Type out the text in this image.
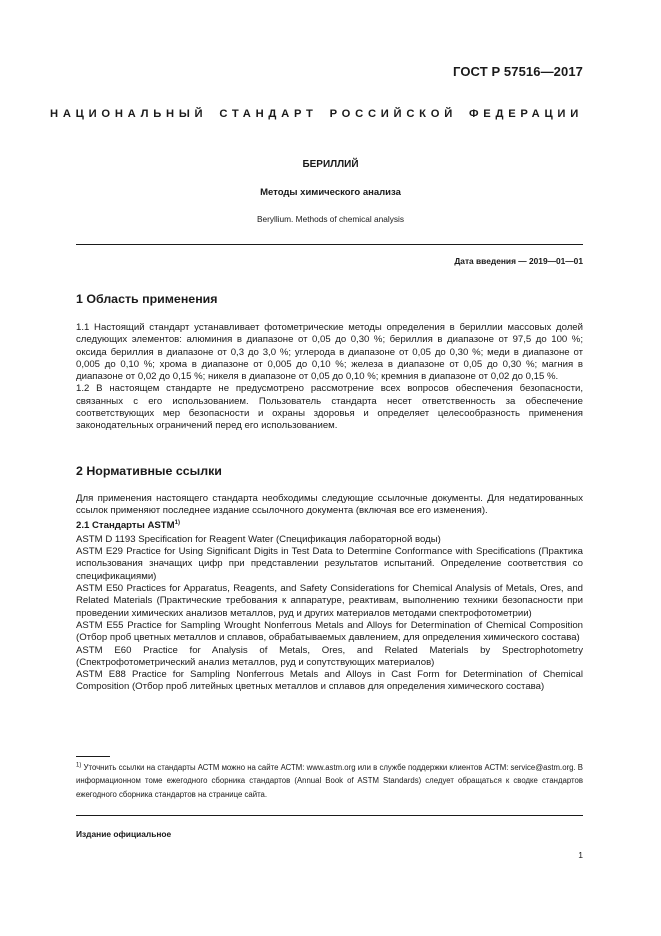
ГОСТ Р 57516—2017
НАЦИОНАЛЬНЫЙ СТАНДАРТ РОССИЙСКОЙ ФЕДЕРАЦИИ
БЕРИЛЛИЙ
Методы химического анализа
Beryllium. Methods of chemical analysis
Дата введения — 2019—01—01
1 Область применения

1.1 Настоящий стандарт устанавливает фотометрические методы определения в бериллии массовых долей следующих элементов: алюминия в диапазоне от 0,05 до 0,30 %; бериллия в диапазоне от 97,5 до 100 %; оксида бериллия в диапазоне от 0,3 до 3,0 %; углерода в диапазоне от 0,05 до 0,30 %; меди в диапазоне от 0,005 до 0,10 %; хрома в диапазоне от 0,005 до 0,10 %; железа в диапазоне от 0,05 до 0,30 %; магния в диапазоне от 0,02 до 0,15 %; никеля в диапазоне от 0,05 до 0,10 %; кремния в диапазоне от 0,02 до 0,15 %.

1.2 В настоящем стандарте не предусмотрено рассмотрение всех вопросов обеспечения безопасности, связанных с его использованием. Пользователь стандарта несет ответственность за обеспечение соответствующих мер безопасности и охраны здоровья и определяет целесообразность применения законодательных ограничений перед его использованием.

2 Нормативные ссылки

Для применения настоящего стандарта необходимы следующие ссылочные документы. Для недатированных ссылок применяют последнее издание ссылочного документа (включая все его изменения).

2.1 Стандарты ASTM$^{1)}$

ASTM D 1193 Specification for Reagent Water (Спецификация лабораторной воды)

ASTM E29 Practice for Using Significant Digits in Test Data to Determine Conformance with Specifications (Практика использования значащих цифр при представлении результатов испытаний. Определение соответствия со спецификациями)

ASTM E50 Practices for Apparatus, Reagents, and Safety Considerations for Chemical Analysis of Metals, Ores, and Related Materials (Практические требования к аппаратуре, реактивам, выполнению техники безопасности при проведении химических анализов металлов, руд и других материалов методами спектрофотометрии)

ASTM E55 Practice for Sampling Wrought Nonferrous Metals and Alloys for Determination of Chemical Composition (Отбор проб цветных металлов и сплавов, обрабатываемых давлением, для определения химического состава)

ASTM E60 Practice for Analysis of Metals, Ores, and Related Materials by Spectrophotometry (Спектрофотометрический анализ металлов, руд и сопутствующих материалов)

ASTM E88 Practice for Sampling Nonferrous Metals and Alloys in Cast Form for Determination of Chemical Composition (Отбор проб литейных цветных металлов и сплавов для определения химического состава)

$^{1)}$ Уточнить ссылки на стандарты АСТМ можно на сайте АСТМ: www.astm.org или в службе поддержки клиентов АСТМ: service@astm.org. В информационном томе ежегодного сборника стандартов (Annual Book of ASTM Standards) следует обращаться к сводке стандартов ежегодного сборника стандартов на странице сайта.

Издание официальное
1
